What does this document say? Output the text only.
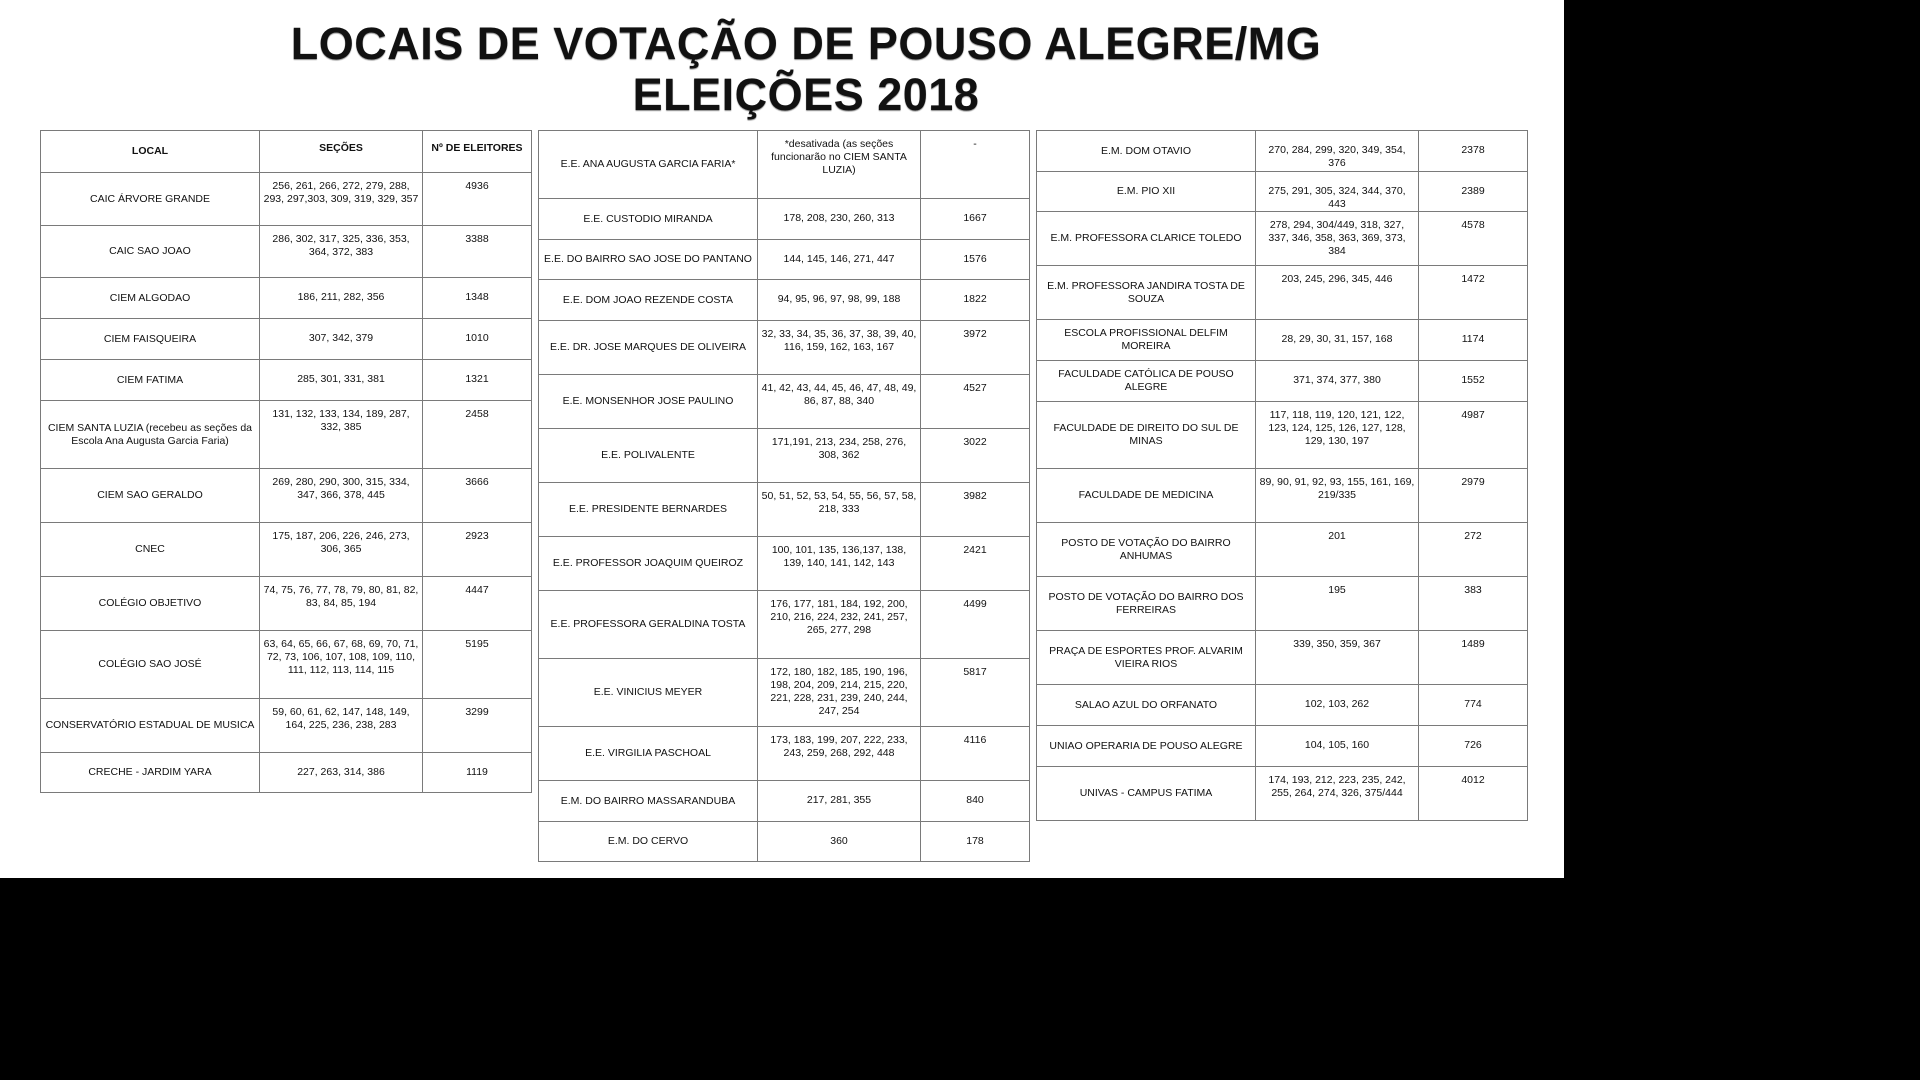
LOCAIS DE VOTAÇÃO DE POUSO ALEGRE/MG
ELEIÇÕES 2018
LOCAL	SEÇÕES	Nº DE ELEITORES
CAIC ÁRVORE GRANDE	256, 261, 266, 272, 279, 288, 293, 297,303, 309, 319, 329, 357	4936

CAIC SAO JOAO	286, 302, 317, 325, 336, 353, 364, 372, 383	3388

CIEM ALGODAO	186, 211, 282, 356	1348

CIEM FAISQUEIRA	307, 342, 379	1010

CIEM FATIMA	285, 301, 331, 381	1321

CIEM SANTA LUZIA (recebeu as seções da Escola Ana Augusta Garcia Faria)	131, 132, 133, 134, 189, 287, 332, 385	2458

CIEM SAO GERALDO	269, 280, 290, 300, 315, 334, 347, 366, 378, 445	3666

CNEC	175, 187, 206, 226, 246, 273, 306, 365	2923

COLÉGIO OBJETIVO	74, 75, 76, 77, 78, 79, 80, 81, 82, 83, 84, 85, 194	4447

COLÉGIO SAO JOSÉ	63, 64, 65, 66, 67, 68, 69, 70, 71, 72, 73, 106, 107, 108, 109, 110, 111, 112, 113, 114, 115	5195

CONSERVATÓRIO ESTADUAL DE MUSICA	59, 60, 61, 62, 147, 148, 149, 164, 225, 236, 238, 283	3299

CRECHE - JARDIM YARA	227, 263, 314, 386	1119
E.E. ANA AUGUSTA GARCIA FARIA*	*desativada (as seções funcionarão no CIEM SANTA LUZIA)	-

E.E. CUSTODIO MIRANDA	178, 208, 230, 260, 313	1667

E.E. DO BAIRRO SAO JOSE DO PANTANO	144, 145, 146, 271, 447	1576

E.E. DOM JOAO REZENDE COSTA	94, 95, 96, 97, 98, 99, 188	1822

E.E. DR. JOSE MARQUES DE OLIVEIRA	32, 33, 34, 35, 36, 37, 38, 39, 40, 116, 159, 162, 163, 167	3972

E.E. MONSENHOR JOSE PAULINO	41, 42, 43, 44, 45, 46, 47, 48, 49, 86, 87, 88, 340	4527

E.E. POLIVALENTE	171,191, 213, 234, 258, 276, 308, 362	3022

E.E. PRESIDENTE BERNARDES	50, 51, 52, 53, 54, 55, 56, 57, 58, 218, 333	3982

E.E. PROFESSOR JOAQUIM QUEIROZ	100, 101, 135, 136,137, 138, 139, 140, 141, 142, 143	2421

E.E. PROFESSORA GERALDINA TOSTA	176, 177, 181, 184, 192, 200, 210, 216, 224, 232, 241, 257, 265, 277, 298	4499

E.E. VINICIUS MEYER	172, 180, 182, 185, 190, 196, 198, 204, 209, 214, 215, 220, 221, 228, 231, 239, 240, 244, 247, 254	5817

E.E. VIRGILIA PASCHOAL	173, 183, 199, 207, 222, 233, 243, 259, 268, 292, 448	4116

E.M. DO BAIRRO MASSARANDUBA	217, 281, 355	840

E.M. DO CERVO	360	178
E.M. DOM OTAVIO	270, 284, 299, 320, 349, 354, 376	2378

E.M. PIO XII	275, 291, 305, 324, 344, 370, 443	2389

E.M. PROFESSORA CLARICE TOLEDO	278, 294, 304/449, 318, 327, 337, 346, 358, 363, 369, 373, 384	4578

E.M. PROFESSORA JANDIRA TOSTA DE SOUZA	203, 245, 296, 345, 446	1472

ESCOLA PROFISSIONAL DELFIM MOREIRA	28, 29, 30, 31, 157, 168	1174

FACULDADE CATÓLICA DE POUSO ALEGRE	371, 374, 377, 380	1552

FACULDADE DE DIREITO DO SUL DE MINAS	117, 118, 119, 120, 121, 122, 123, 124, 125, 126, 127, 128, 129, 130, 197	4987

FACULDADE DE MEDICINA	89, 90, 91, 92, 93, 155, 161, 169, 219/335	2979

POSTO DE VOTAÇÃO DO BAIRRO ANHUMAS	201	272

POSTO DE VOTAÇÃO DO BAIRRO DOS FERREIRAS	195	383

PRAÇA DE ESPORTES PROF. ALVARIM VIEIRA RIOS	339, 350, 359, 367	1489

SALAO AZUL DO ORFANATO	102, 103, 262	774

UNIAO OPERARIA DE POUSO ALEGRE	104, 105, 160	726

UNIVAS - CAMPUS FATIMA	174, 193, 212, 223, 235, 242, 255, 264, 274, 326, 375/444	4012
